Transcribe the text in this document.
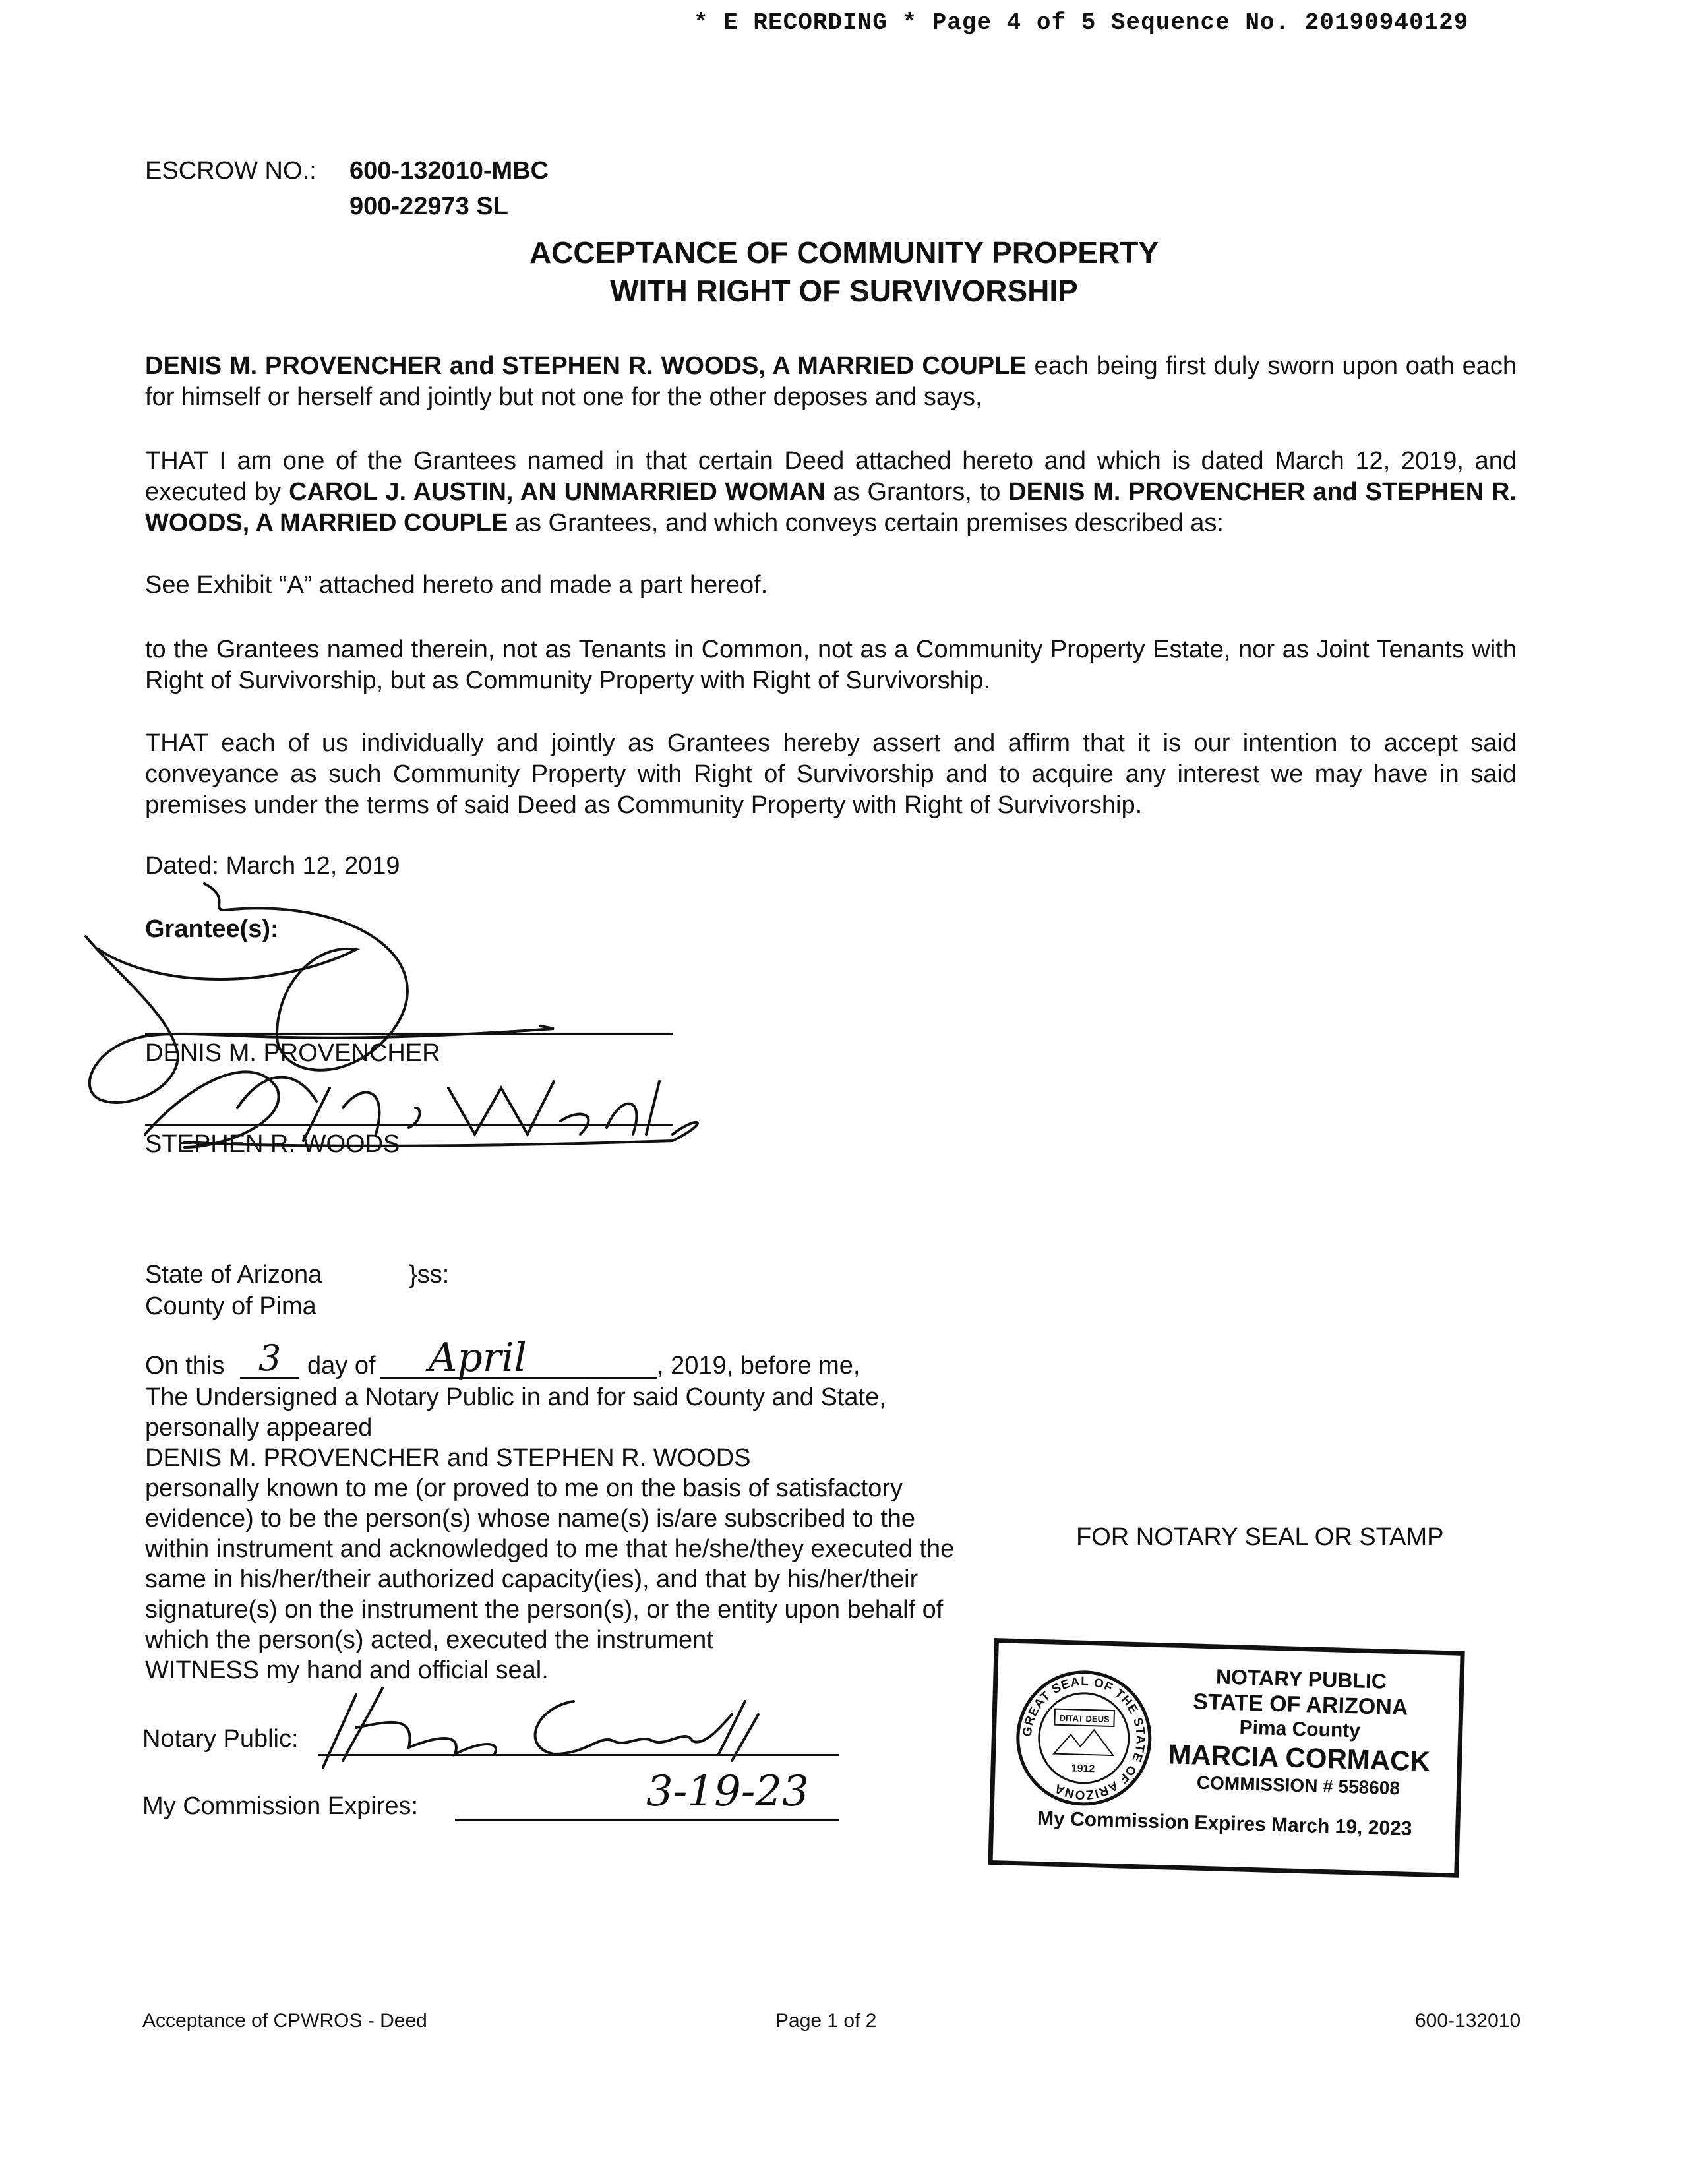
* E RECORDING * Page 4 of 5 Sequence No. 20190940129
ESCROW NO.: 600-132010-MBC
900-22973 SL
ACCEPTANCE OF COMMUNITY PROPERTY
WITH RIGHT OF SURVIVORSHIP
DENIS M. PROVENCHER and STEPHEN R. WOODS, A MARRIED COUPLE each being first duly sworn upon oath each for himself or herself and jointly but not one for the other deposes and says,
THAT I am one of the Grantees named in that certain Deed attached hereto and which is dated March 12, 2019, and executed by CAROL J. AUSTIN, AN UNMARRIED WOMAN as Grantors, to DENIS M. PROVENCHER and STEPHEN R. WOODS, A MARRIED COUPLE as Grantees, and which conveys certain premises described as:
See Exhibit “A” attached hereto and made a part hereof.
to the Grantees named therein, not as Tenants in Common, not as a Community Property Estate, nor as Joint Tenants with Right of Survivorship, but as Community Property with Right of Survivorship.
THAT each of us individually and jointly as Grantees hereby assert and affirm that it is our intention to accept said conveyance as such Community Property with Right of Survivorship and to acquire any interest we may have in said premises under the terms of said Deed as Community Property with Right of Survivorship.
Dated: March 12, 2019
Grantee(s):
DENIS M. PROVENCHER
STEPHEN R. WOODS
State of Arizona	}ss:
County of Pima
On this 3 day of April	, 2019, before me,
The Undersigned a Notary Public in and for said County and State,
personally appeared
DENIS M. PROVENCHER and STEPHEN R. WOODS
personally known to me (or proved to me on the basis of satisfactory
evidence) to be the person(s) whose name(s) is/are subscribed to the
within instrument and acknowledged to me that he/she/they executed the
same in his/her/their authorized capacity(ies), and that by his/her/their
signature(s) on the instrument the person(s), or the entity upon behalf of
which the person(s) acted, executed the instrument
WITNESS my hand and official seal.
Notary Public:
My Commission Expires:	3-19-23
FOR NOTARY SEAL OR STAMP
GREAT SEAL OF THE STATE OF ARIZONA
DITAT DEUS
1912
NOTARY PUBLIC
STATE OF ARIZONA
Pima County
MARCIA CORMACK
COMMISSION # 558608
My Commission Expires March 19, 2023
Acceptance of CPWROS - Deed	Page 1 of 2	600-132010
